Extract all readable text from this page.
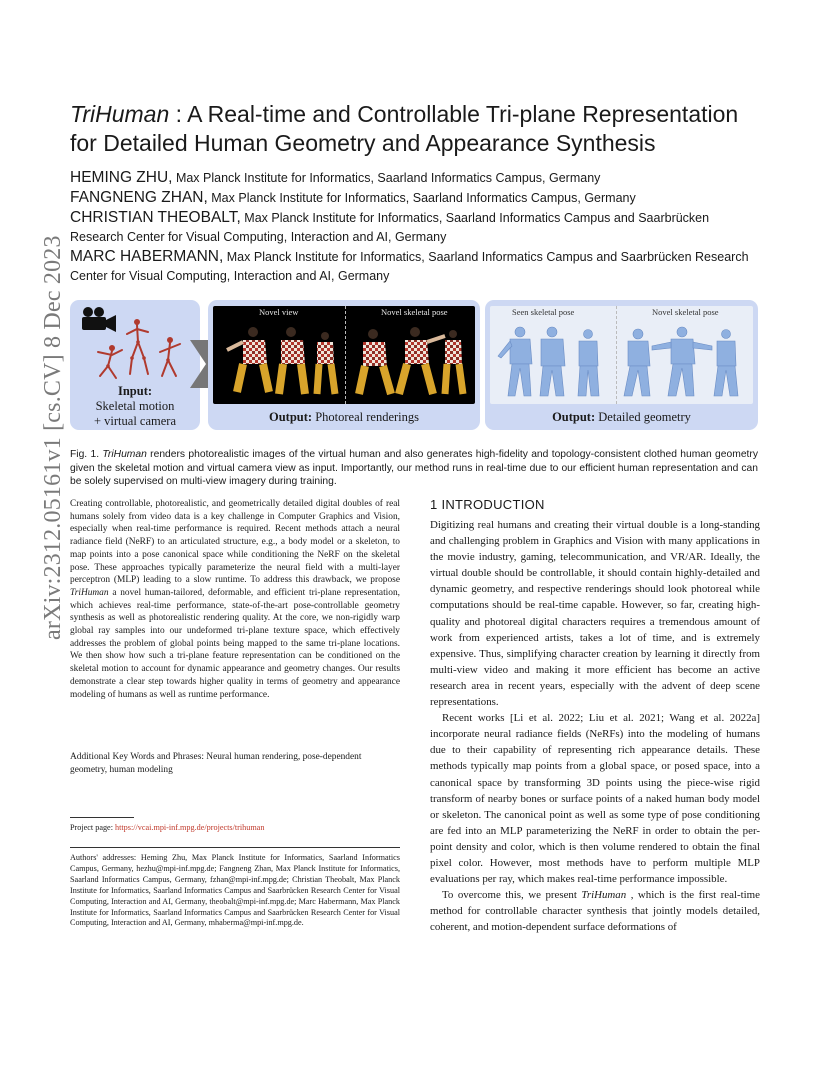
arXiv:2312.05161v1 [cs.CV] 8 Dec 2023
TriHuman : A Real-time and Controllable Tri-plane Representation for Detailed Human Geometry and Appearance Synthesis
HEMING ZHU, Max Planck Institute for Informatics, Saarland Informatics Campus, Germany
FANGNENG ZHAN, Max Planck Institute for Informatics, Saarland Informatics Campus, Germany
CHRISTIAN THEOBALT, Max Planck Institute for Informatics, Saarland Informatics Campus and Saarbrücken Research Center for Visual Computing, Interaction and AI, Germany
MARC HABERMANN, Max Planck Institute for Informatics, Saarland Informatics Campus and Saarbrücken Research Center for Visual Computing, Interaction and AI, Germany
Input:
Skeletal motion
+ virtual camera
Novel view	Novel skeletal pose
Output: Photoreal renderings
Seen skeletal pose	Novel skeletal pose
Output: Detailed geometry
Fig. 1. TriHuman renders photorealistic images of the virtual human and also generates high-fidelity and topology-consistent clothed human geometry given the skeletal motion and virtual camera view as input. Importantly, our method runs in real-time due to our efficient human representation and can be solely supervised on multi-view imagery during training.
Creating controllable, photorealistic, and geometrically detailed digital doubles of real humans solely from video data is a key challenge in Computer Graphics and Vision, especially when real-time performance is required. Recent methods attach a neural radiance field (NeRF) to an articulated structure, e.g., a body model or a skeleton, to map points into a pose canonical space while conditioning the NeRF on the skeletal pose. These approaches typically parameterize the neural field with a multi-layer perceptron (MLP) leading to a slow runtime. To address this drawback, we propose TriHuman a novel human-tailored, deformable, and efficient tri-plane representation, which achieves real-time performance, state-of-the-art pose-controllable geometry synthesis as well as photorealistic rendering quality. At the core, we non-rigidly warp global ray samples into our undeformed tri-plane texture space, which effectively addresses the problem of global points being mapped to the same tri-plane locations. We then show how such a tri-plane feature representation can be conditioned on the skeletal motion to account for dynamic appearance and geometry changes. Our results demonstrate a clear step towards higher quality in terms of geometry and appearance modeling of humans as well as runtime performance.
Additional Key Words and Phrases: Neural human rendering, pose-dependent geometry, human modeling
Project page: https://vcai.mpi-inf.mpg.de/projects/trihuman
Authors' addresses: Heming Zhu, Max Planck Institute for Informatics, Saarland Informatics Campus, Germany, hezhu@mpi-inf.mpg.de; Fangneng Zhan, Max Planck Institute for Informatics, Saarland Informatics Campus, Germany, fzhan@mpi-inf.mpg.de; Christian Theobalt, Max Planck Institute for Informatics, Saarland Informatics Campus and Saarbrücken Research Center for Visual Computing, Interaction and AI, Germany, theobalt@mpi-inf.mpg.de; Marc Habermann, Max Planck Institute for Informatics, Saarland Informatics Campus and Saarbrücken Research Center for Visual Computing, Interaction and AI, Germany, mhaberma@mpi-inf.mpg.de.
1 INTRODUCTION

Digitizing real humans and creating their virtual double is a long-standing and challenging problem in Graphics and Vision with many applications in the movie industry, gaming, telecommunication, and VR/AR. Ideally, the virtual double should be controllable, it should contain highly-detailed and dynamic geometry, and respective renderings should look photoreal while computations should be real-time capable. However, so far, creating high-quality and photoreal digital characters requires a tremendous amount of work from experienced artists, takes a lot of time, and is extremely expensive. Thus, simplifying character creation by learning it directly from multi-view video and making it more efficient has become an active research area in recent years, especially with the advent of deep scene representations.

Recent works [Li et al. 2022; Liu et al. 2021; Wang et al. 2022a] incorporate neural radiance fields (NeRFs) into the modeling of humans due to their capability of representing rich appearance details. These methods typically map points from a global space, or posed space, into a canonical space by transforming 3D points using the piece-wise rigid transform of nearby bones or surface points of a naked human body model or skeleton. The canonical point as well as some type of pose conditioning are fed into an MLP parameterizing the NeRF in order to obtain the per-point density and color, which is then volume rendered to obtain the final pixel color. However, most methods have to perform multiple MLP evaluations per ray, which makes real-time performance impossible.

To overcome this, we present TriHuman , which is the first real-time method for controllable character synthesis that jointly models detailed, coherent, and motion-dependent surface deformations of
